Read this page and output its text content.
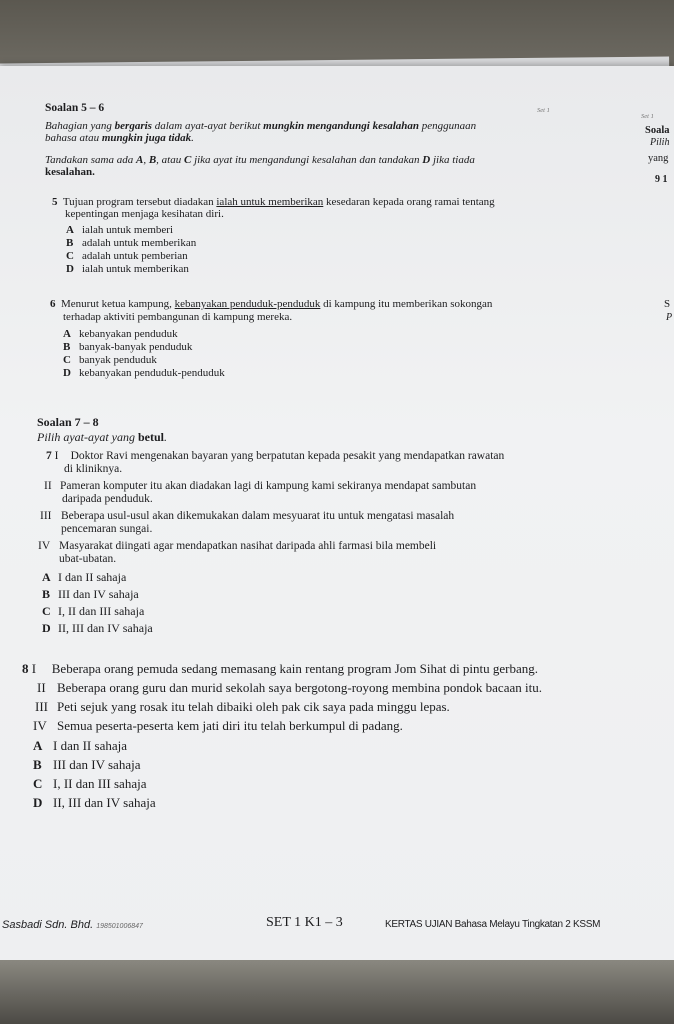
Set 1
Set 1
Soala
Pilih
yang
9 1
Soalan 5 – 6
Bahagian yang bergaris dalam ayat-ayat berikut mungkin mengandungi kesalahan penggunaan
bahasa atau mungkin juga tidak.
Tandakan sama ada A, B, atau C jika ayat itu mengandungi kesalahan dan tandakan D jika tiada
kesalahan.
5 Tujuan program tersebut diadakan ialah untuk memberikan kesedaran kepada orang ramai tentang
kepentingan menjaga kesihatan diri.
A ialah untuk memberi
B adalah untuk memberikan
C adalah untuk pemberian
D ialah untuk memberikan
S
P
6 Menurut ketua kampung, kebanyakan penduduk-penduduk di kampung itu memberikan sokongan
terhadap aktiviti pembangunan di kampung mereka.
A kebanyakan penduduk
B banyak-banyak penduduk
C banyak penduduk
D kebanyakan penduduk-penduduk
Soalan 7 – 8
Pilih ayat-ayat yang betul.
7 I Doktor Ravi mengenakan bayaran yang berpatutan kepada pesakit yang mendapatkan rawatan
di kliniknya.
II Pameran komputer itu akan diadakan lagi di kampung kami sekiranya mendapat sambutan
daripada penduduk.
III Beberapa usul-usul akan dikemukakan dalam mesyuarat itu untuk mengatasi masalah
pencemaran sungai.
IV Masyarakat diingati agar mendapatkan nasihat daripada ahli farmasi bila membeli
ubat-ubatan.
A I dan II sahaja
B III dan IV sahaja
C I, II dan III sahaja
D II, III dan IV sahaja
8 I Beberapa orang pemuda sedang memasang kain rentang program Jom Sihat di pintu gerbang.
II Beberapa orang guru dan murid sekolah saya bergotong-royong membina pondok bacaan itu.
III Peti sejuk yang rosak itu telah dibaiki oleh pak cik saya pada minggu lepas.
IV Semua peserta-peserta kem jati diri itu telah berkumpul di padang.
A I dan II sahaja
B III dan IV sahaja
C I, II dan III sahaja
D II, III dan IV sahaja
Sasbadi Sdn. Bhd. 198501006847	SET 1 K1 – 3	KERTAS UJIAN Bahasa Melayu Tingkatan 2 KSSM
